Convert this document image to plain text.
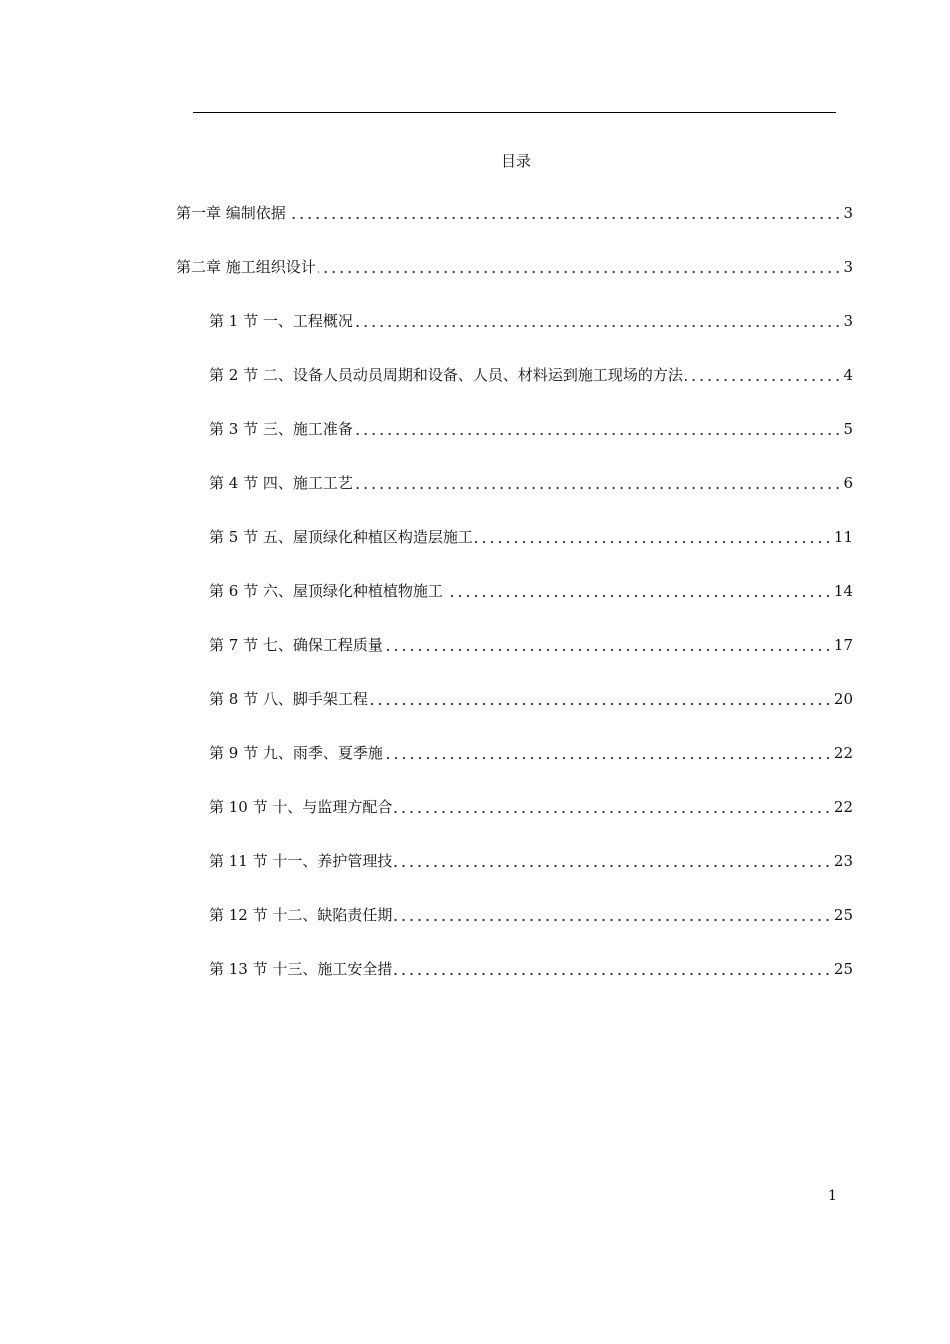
目录
第一章 编制依据	3
第二章 施工组织设计	3
第 1 节 一、工程概况	3
第 2 节 二、设备人员动员周期和设备、人员、材料运到施工现场的方法	4
第 3 节 三、施工准备	5
第 4 节 四、施工工艺	6
第 5 节 五、屋顶绿化种植区构造层施工	11
第 6 节 六、屋顶绿化种植植物施工	14
第 7 节 七、确保工程质量	17
第 8 节 八、脚手架工程	20
第 9 节 九、雨季、夏季施	22
第 10 节 十、与监理方配合	22
第 11 节 十一、养护管理技	23
第 12 节 十二、缺陷责任期	25
第 13 节 十三、施工安全措	25
1
